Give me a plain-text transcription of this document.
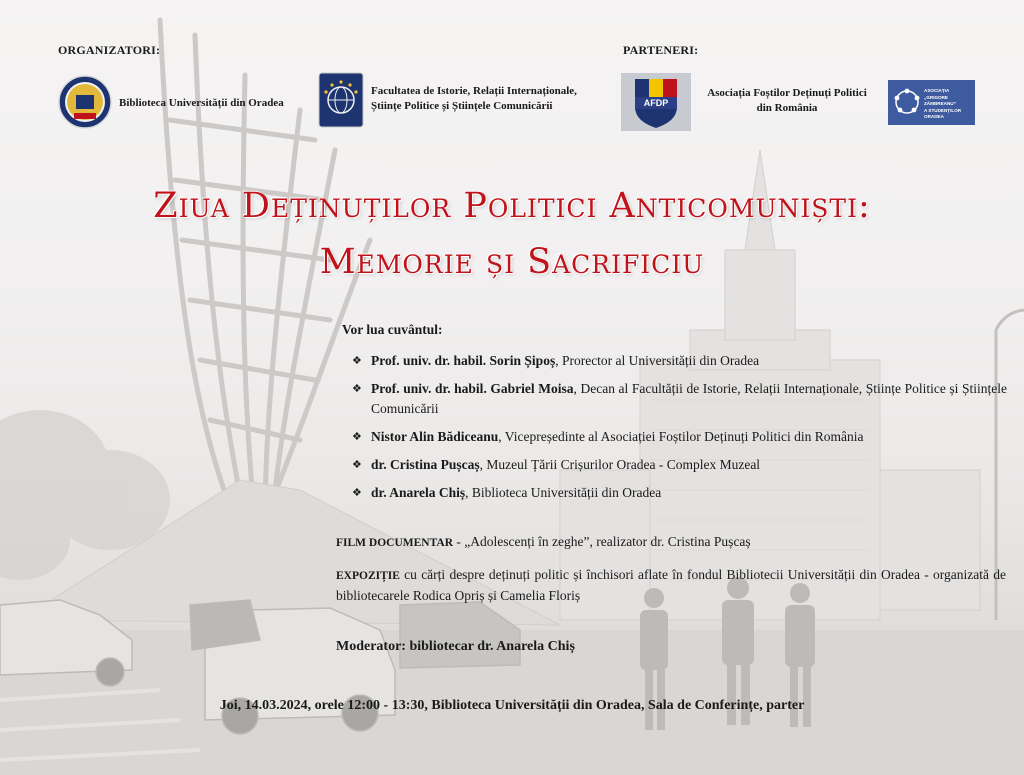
ORGANIZATORI:	PARTENERI:
Biblioteca Universității din Oradea
Facultatea de Istorie, Relații Internaționale,
Științe Politice și Științele Comunicării	AFDP
Asociația Foștilor Deținuți Politici
din România
ASOCIAȚIA
„GRIGORE ZĂMBREANU”
A STUDENȚILOR
ORADEA
Ziua Deținuților Politici Anticomuniști:
Memorie și Sacrificiu
Vor lua cuvântul:
❖ Prof. univ. dr. habil. Sorin Șipoș, Prorector al Universității din Oradea
❖ Prof. univ. dr. habil. Gabriel Moisa, Decan al Facultății de Istorie, Relații Internaționale, Științe Politice și Științele Comunicării
❖ Nistor Alin Bădiceanu, Vicepreședinte al Asociației Foștilor Deținuți Politici din România
❖ dr. Cristina Pușcaș, Muzeul Țării Crișurilor Oradea - Complex Muzeal
❖ dr. Anarela Chiș, Biblioteca Universității din Oradea
FILM DOCUMENTAR - „Adolescenți în zeghe”, realizator dr. Cristina Pușcaș
EXPOZIȚIE cu cărți despre deținuți politic și închisori aflate în fondul Bibliotecii Universității din Oradea - organizată de bibliotecarele Rodica Opriș și Camelia Floriș
Moderator: bibliotecar dr. Anarela Chiș
Joi, 14.03.2024, orele 12:00 - 13:30, Biblioteca Universității din Oradea, Sala de Conferințe, parter
